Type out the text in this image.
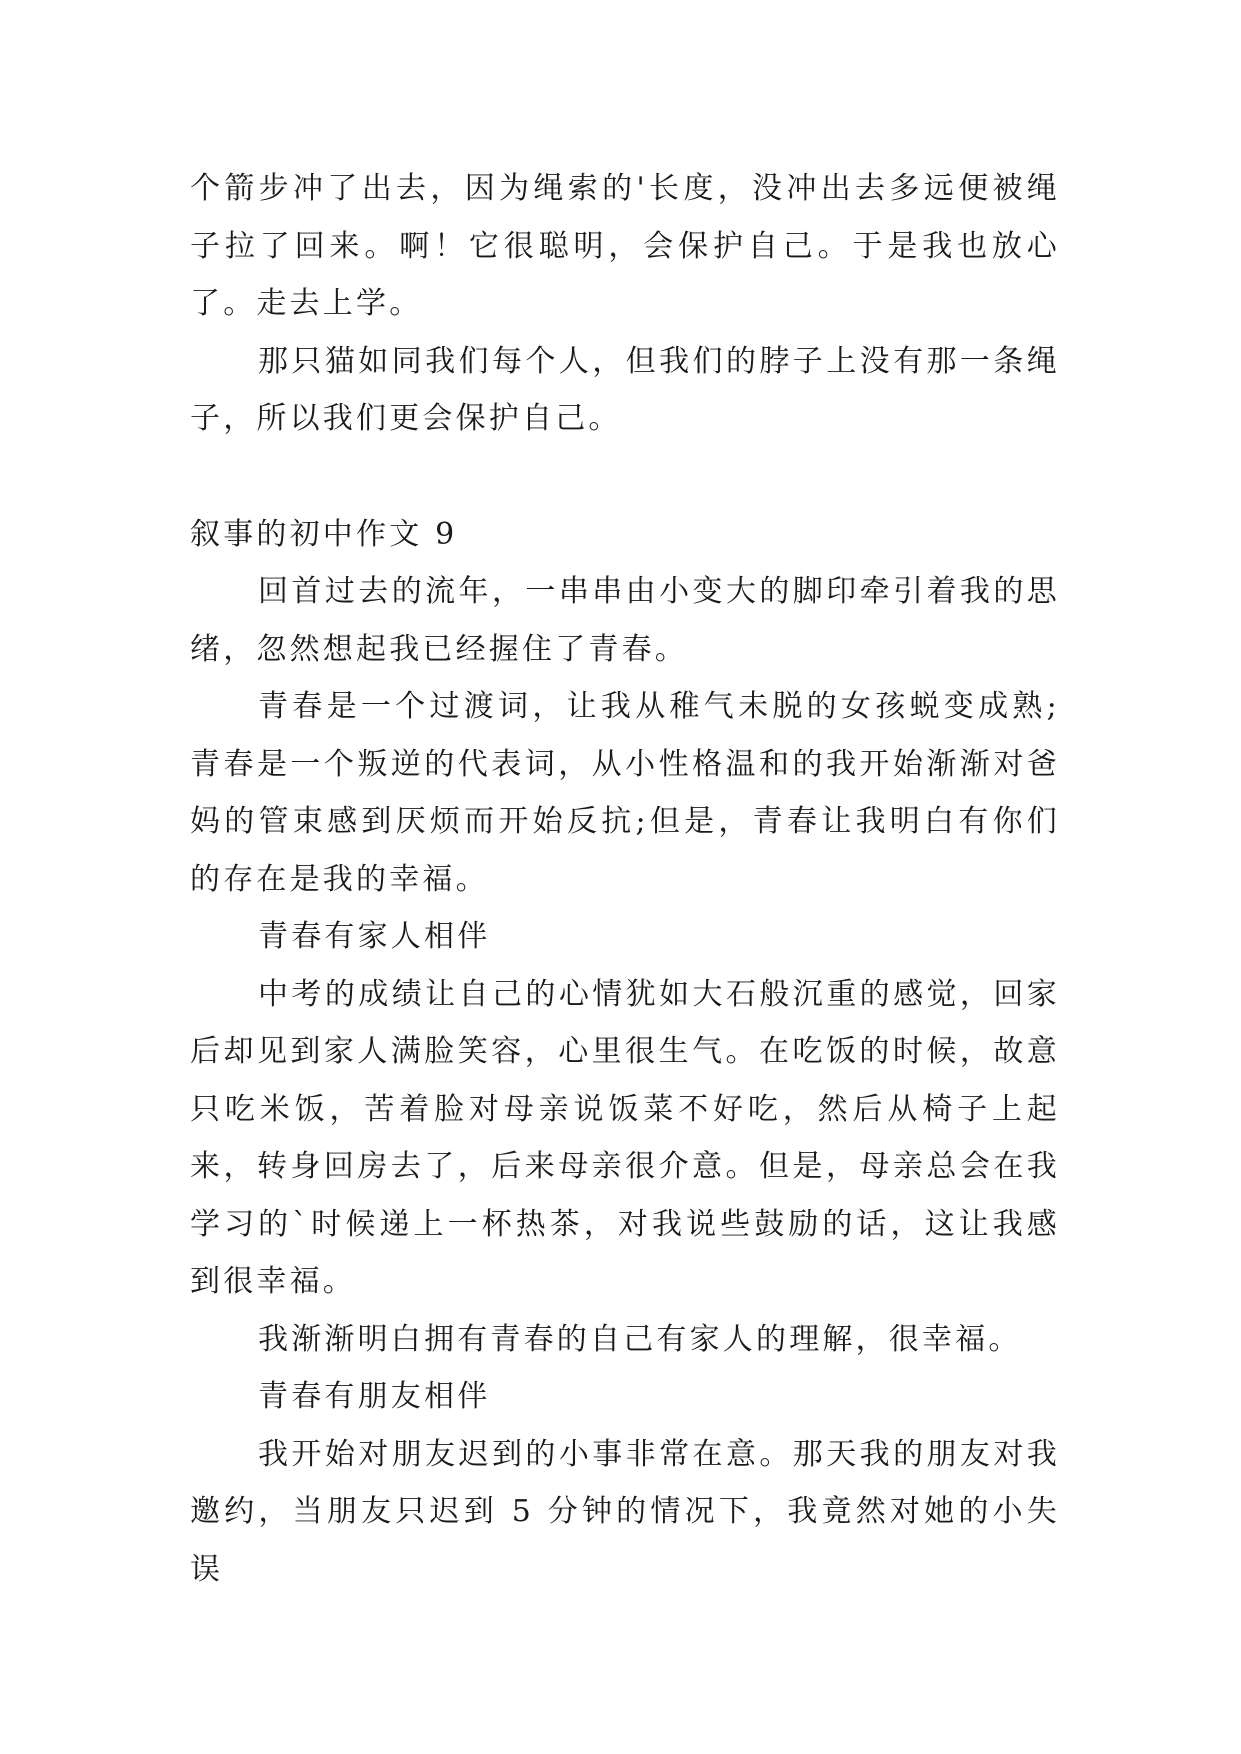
个箭步冲了出去，因为绳索的'长度，没冲出去多远便被绳子拉了回来。啊！它很聪明，会保护自己。于是我也放心了。走去上学。

那只猫如同我们每个人，但我们的脖子上没有那一条绳子，所以我们更会保护自己。

叙事的初中作文 9

回首过去的流年，一串串由小变大的脚印牵引着我的思绪，忽然想起我已经握住了青春。

青春是一个过渡词，让我从稚气未脱的女孩蜕变成熟;青春是一个叛逆的代表词，从小性格温和的我开始渐渐对爸妈的管束感到厌烦而开始反抗;但是，青春让我明白有你们的存在是我的幸福。

青春有家人相伴

中考的成绩让自己的心情犹如大石般沉重的感觉，回家后却见到家人满脸笑容，心里很生气。在吃饭的时候，故意只吃米饭，苦着脸对母亲说饭菜不好吃，然后从椅子上起来，转身回房去了，后来母亲很介意。但是，母亲总会在我学习的`时候递上一杯热茶，对我说些鼓励的话，这让我感到很幸福。

我渐渐明白拥有青春的自己有家人的理解，很幸福。

青春有朋友相伴

我开始对朋友迟到的小事非常在意。那天我的朋友对我邀约，当朋友只迟到 5 分钟的情况下，我竟然对她的小失误
